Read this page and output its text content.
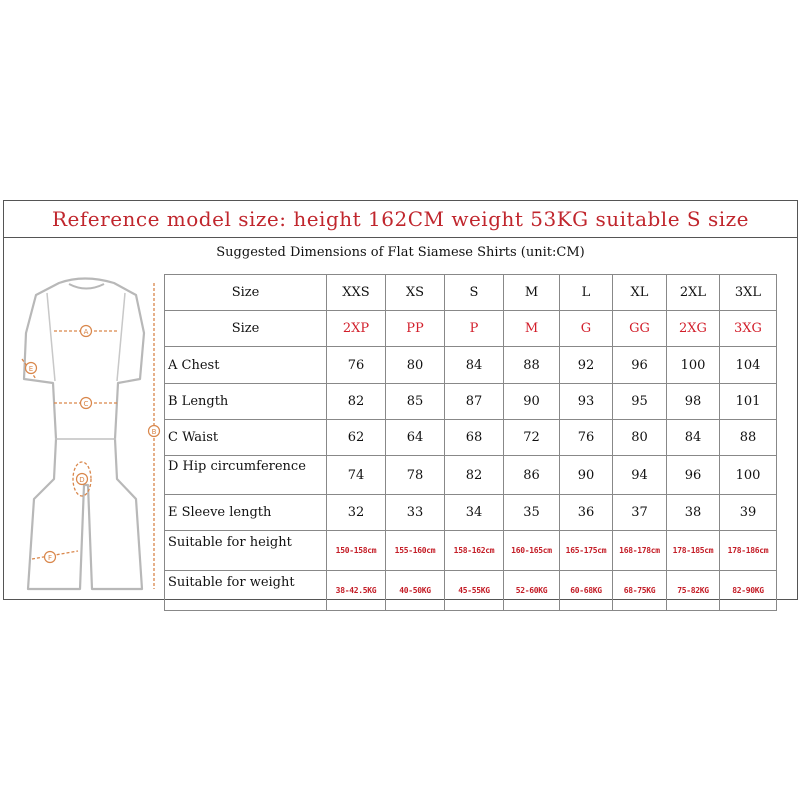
Reference model size: height 162CM weight 53KG suitable S size
Suggested Dimensions of Flat Siamese Shirts (unit:CM)
A
C
E
D
F
B
Size	XXS	XS	S	M	L	XL	2XL	3XL
Size	2XP	PP	P	M	G	GG	2XG	3XG
A Chest	76	80	84	88	92	96	100	104
B Length	82	85	87	90	93	95	98	101
C Waist	62	64	68	72	76	80	84	88
D Hip circumference	74	78	82	86	90	94	96	100
E Sleeve length	32	33	34	35	36	37	38	39
Suitable for height	150-158cm	155-160cm	158-162cm	160-165cm	165-175cm	168-178cm	178-185cm	178-186cm
Suitable for weight	38-42.5KG	40-50KG	45-55KG	52-60KG	60-68KG	68-75KG	75-82KG	82-90KG
